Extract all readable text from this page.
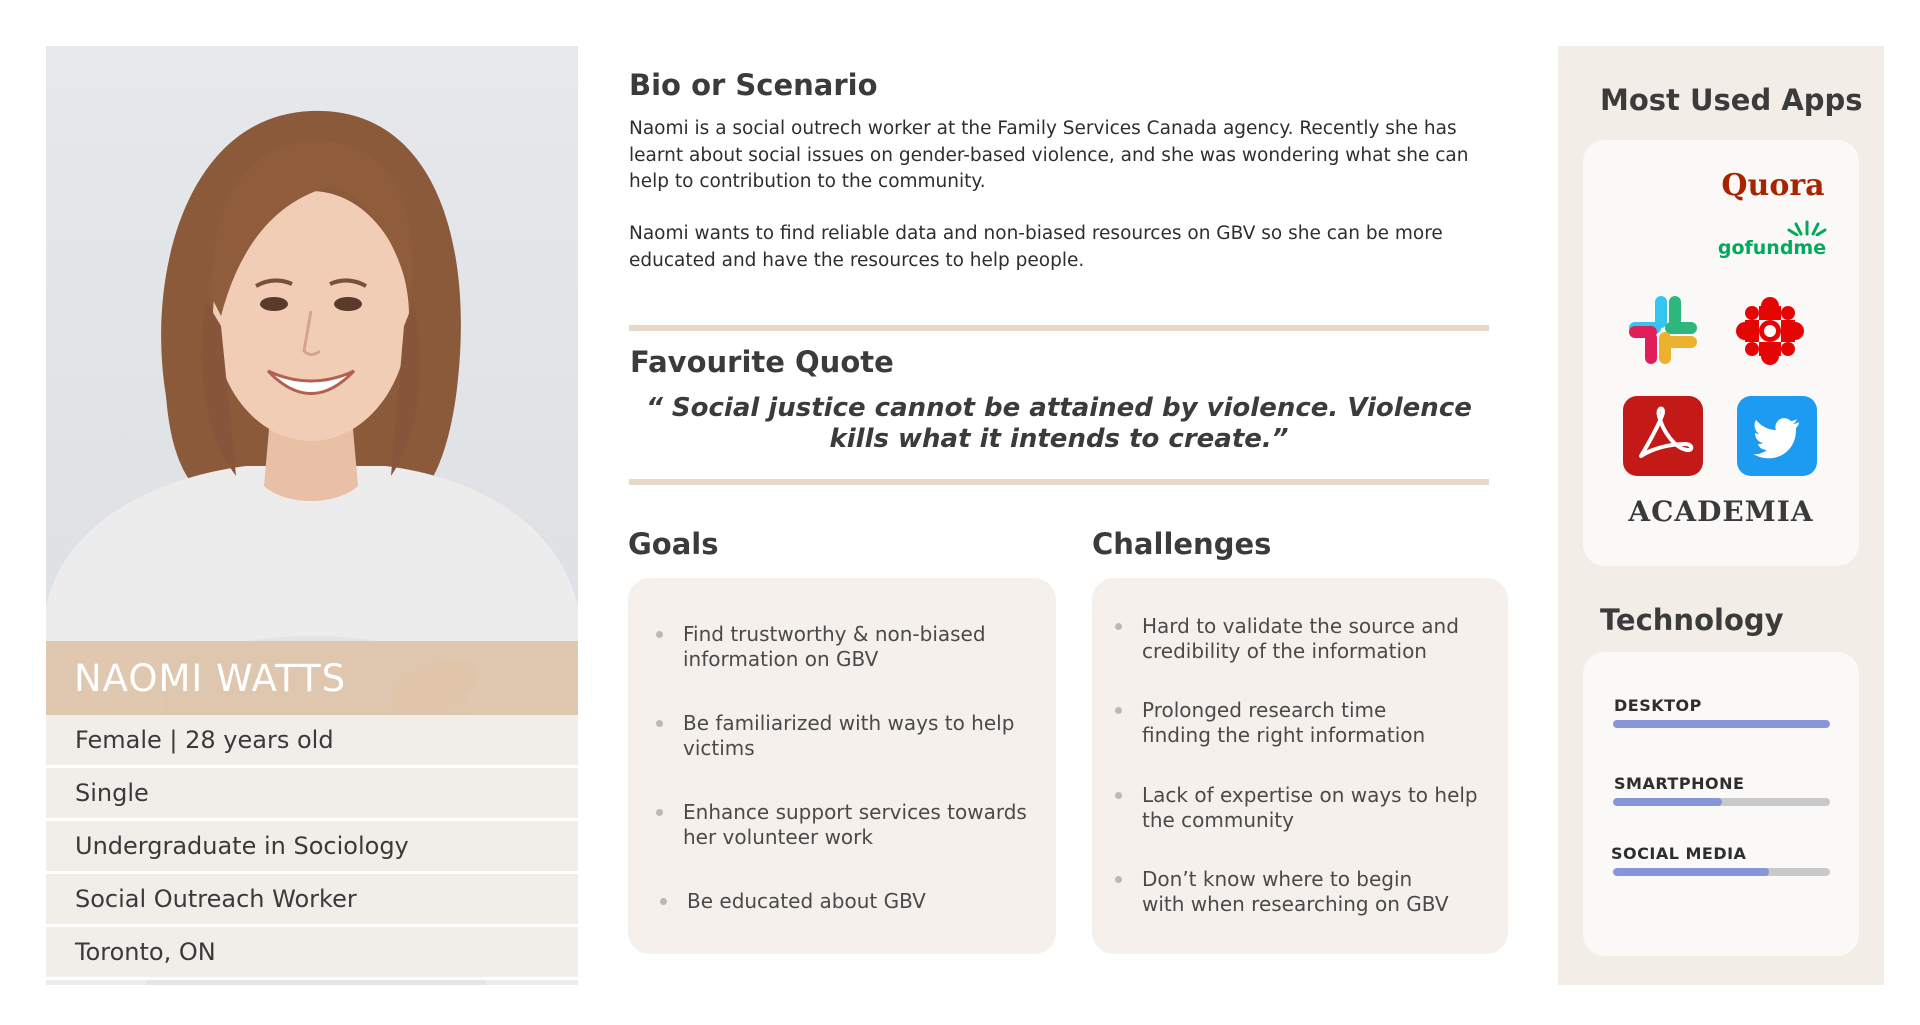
NAOMI WATTS
Female | 28 years old
Single
Undergraduate in Sociology
Social Outreach Worker
Toronto, ON
Bio or Scenario

Naomi is a social outrech worker at the Family Services Canada agency. Recently she has learnt about social issues on gender-based violence, and she was wondering what she can help to contribution to the community.

Naomi wants to find reliable data and non-biased resources on GBV so she can be more educated and have the resources to help people.

Favourite Quote
“ Social justice cannot be attained by violence. Violence kills what it intends to create.”
Goals	Challenges
Find trustworthy & non-biased information on GBV
Be familiarized with ways to help victims
Enhance support services towards her volunteer work
Be educated about GBV
Hard to validate the source and credibility of the information
Prolonged research time finding the right information
Lack of expertise on ways to help the community
Don’t know where to begin with when researching on GBV
Most Used Apps
Quora
gofundme
ACADEMIA
Technology
DESKTOP
SMARTPHONE
SOCIAL MEDIA
